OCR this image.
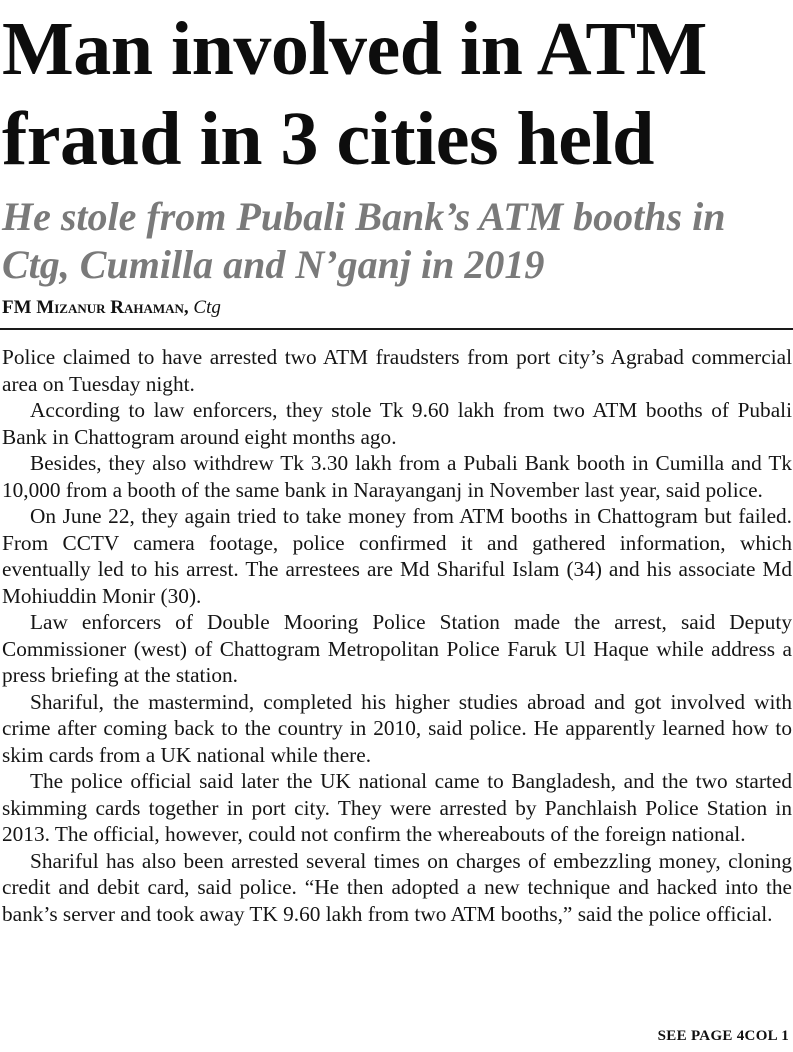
Man involved in ATM fraud in 3 cities held
He stole from Pubali Bank’s ATM booths in Ctg, Cumilla and N’ganj in 2019
FM Mizanur Rahaman, Ctg

Police claimed to have arrested two ATM fraudsters from port city’s Agrabad commercial area on Tuesday night.

According to law enforcers, they stole Tk 9.60 lakh from two ATM booths of Pubali Bank in Chattogram around eight months ago.

Besides, they also withdrew Tk 3.30 lakh from a Pubali Bank booth in Cumilla and Tk 10,000 from a booth of the same bank in Narayanganj in November last year, said police.

On June 22, they again tried to take money from ATM booths in Chattogram but failed. From CCTV camera footage, police confirmed it and gathered information, which eventually led to his arrest. The arrestees are Md Shariful Islam (34) and his associate Md Mohiuddin Monir (30).

Law enforcers of Double Mooring Police Station made the arrest, said Deputy Commissioner (west) of Chattogram Metropolitan Police Faruk Ul Haque while address a press briefing at the station.

Shariful, the mastermind, completed his higher studies abroad and got involved with crime after coming back to the country in 2010, said police. He apparently learned how to skim cards from a UK national while there.

The police official said later the UK national came to Bangladesh, and the two started skimming cards together in port city. They were arrested by Panchlaish Police Station in 2013. The official, however, could not confirm the whereabouts of the foreign national.

Shariful has also been arrested several times on charges of embezzling money, cloning credit and debit card, said police. “He then adopted a new technique and hacked into the bank’s server and took away TK 9.60 lakh from two ATM booths,” said the police official.

SEE PAGE 4COL 1
